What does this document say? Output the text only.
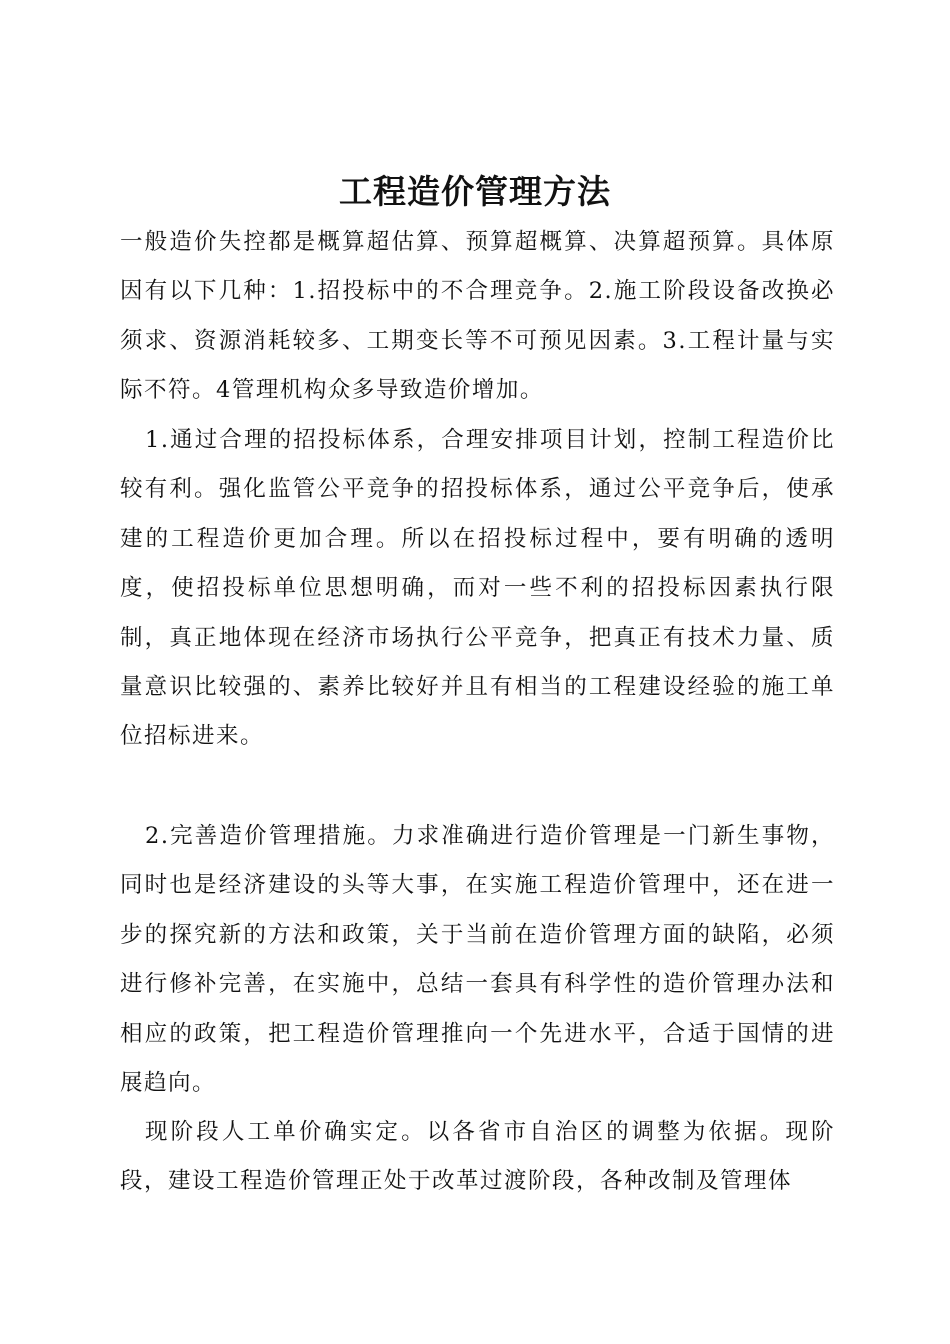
工程造价管理方法

一般造价失控都是概算超估算、预算超概算、决算超预算。具体原因有以下几种：1.招投标中的不合理竞争。2.施工阶段设备改换必须求、资源消耗较多、工期变长等不可预见因素。3.工程计量与实际不符。4管理机构众多导致造价增加。

1.通过合理的招投标体系，合理安排项目计划，控制工程造价比较有利。强化监管公平竞争的招投标体系，通过公平竞争后，使承建的工程造价更加合理。所以在招投标过程中，要有明确的透明度，使招投标单位思想明确，而对一些不利的招投标因素执行限制，真正地体现在经济市场执行公平竞争，把真正有技术力量、质量意识比较强的、素养比较好并且有相当的工程建设经验的施工单位招标进来。

2.完善造价管理措施。力求准确进行造价管理是一门新生事物，同时也是经济建设的头等大事，在实施工程造价管理中，还在进一步的探究新的方法和政策，关于当前在造价管理方面的缺陷，必须进行修补完善，在实施中，总结一套具有科学性的造价管理办法和相应的政策，把工程造价管理推向一个先进水平，合适于国情的进展趋向。

现阶段人工单价确实定。以各省市自治区的调整为依据。现阶段，建设工程造价管理正处于改革过渡阶段，各种改制及管理体
